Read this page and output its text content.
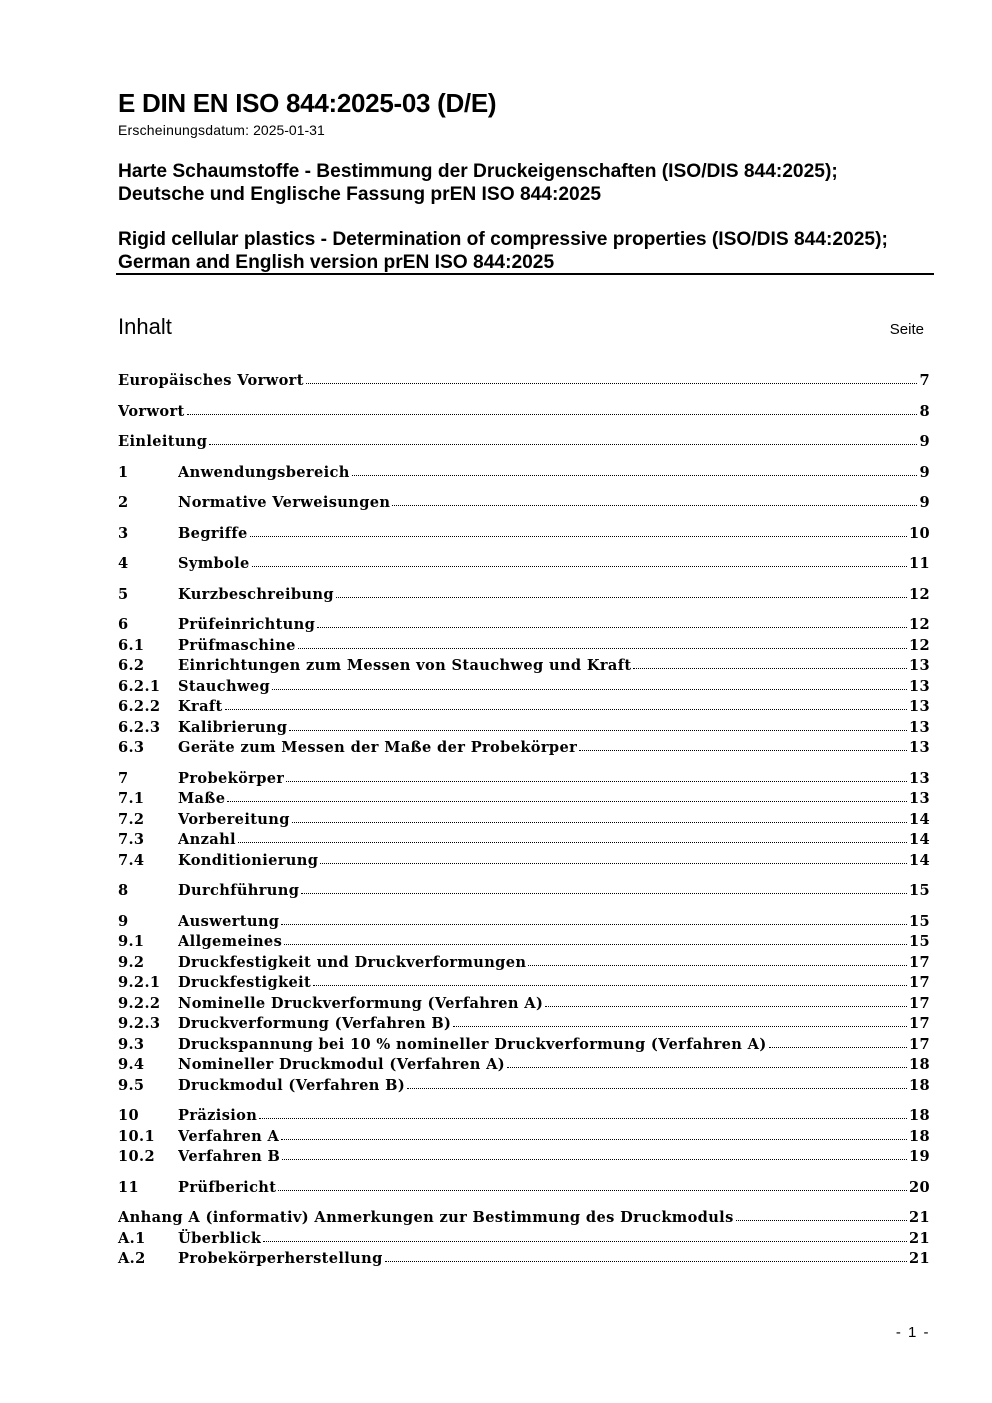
E DIN EN ISO 844:2025-03 (D/E)
Erscheinungsdatum: 2025-01-31
Harte Schaumstoffe - Bestimmung der Druckeigenschaften (ISO/DIS 844:2025);
Deutsche und Englische Fassung prEN ISO 844:2025
Rigid cellular plastics - Determination of compressive properties (ISO/DIS 844:2025);
German and English version prEN ISO 844:2025
Inhalt	Seite
Europäisches Vorwort	7
Vorwort	8
Einleitung	9
1	Anwendungsbereich	9
2	Normative Verweisungen	9
3	Begriffe	10
4	Symbole	11
5	Kurzbeschreibung	12
6	Prüfeinrichtung	12
6.1	Prüfmaschine	12
6.2	Einrichtungen zum Messen von Stauchweg und Kraft	13
6.2.1	Stauchweg	13
6.2.2	Kraft	13
6.2.3	Kalibrierung	13
6.3	Geräte zum Messen der Maße der Probekörper	13
7	Probekörper	13
7.1	Maße	13
7.2	Vorbereitung	14
7.3	Anzahl	14
7.4	Konditionierung	14
8	Durchführung	15
9	Auswertung	15
9.1	Allgemeines	15
9.2	Druckfestigkeit und Druckverformungen	17
9.2.1	Druckfestigkeit	17
9.2.2	Nominelle Druckverformung (Verfahren A)	17
9.2.3	Druckverformung (Verfahren B)	17
9.3	Druckspannung bei 10 % nomineller Druckverformung (Verfahren A)	17
9.4	Nomineller Druckmodul (Verfahren A)	18
9.5	Druckmodul (Verfahren B)	18
10	Präzision	18
10.1	Verfahren A	18
10.2	Verfahren B	19
11	Prüfbericht	20
Anhang A (informativ) Anmerkungen zur Bestimmung des Druckmoduls	21
A.1	Überblick	21
A.2	Probekörperherstellung	21
- 1 -
